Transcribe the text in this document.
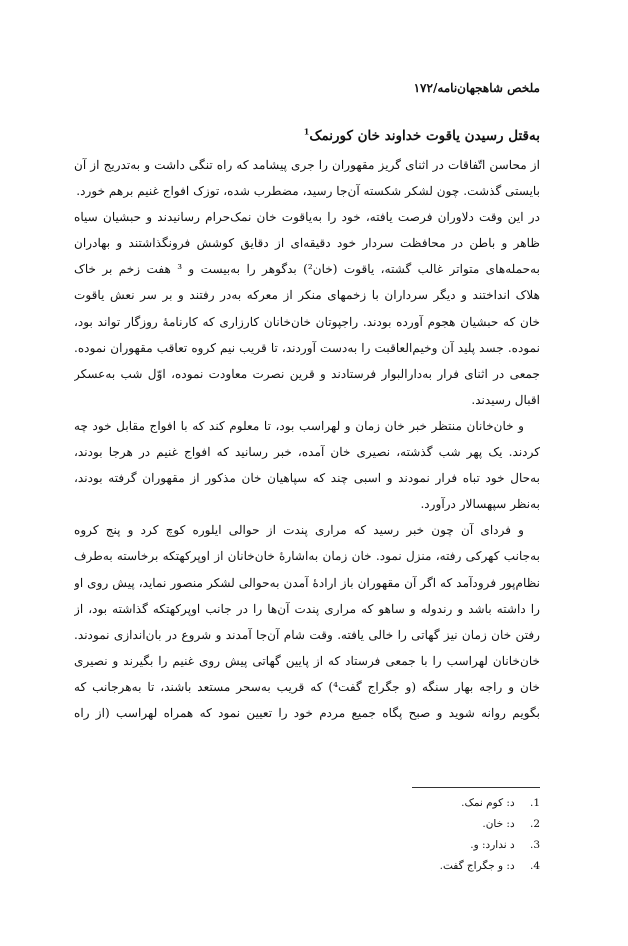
ملخص شاهجهان‌نامه/۱۷۲
به‌قتل رسیدن یاقوت خداوند خان کورنمک$^1$
از محاسن اتّفاقات در اثنای گریز مقهوران را جری پیشامد که راه تنگی داشت و به‌تدریج از آن
بایستی گذشت. چون لشکر شکسته آن‌جا رسید، مضطرب شده، توزک افواج غنیم برهم خورد.
در این وقت دلاوران فرصت یافته، خود را به‌یاقوت خان نمک‌حرام رسانیدند و حبشیان سیاه
ظاهر و باطن در محافظت سردار خود دقیقه‌ای از دقایق کوشش فرونگذاشتند و بهادران
به‌حمله‌های متواتر غالب گشته، یاقوت (خان²) بدگوهر را به‌بیست و ³ هفت زخم بر خاک
هلاک انداختند و دیگر سرداران با زخمهای منکر از معرکه به‌در رفتند و بر سر نعش یاقوت
خان که حبشیان هجوم آورده بودند. راجپوتان خان‌خانان کارزاری که کارنامهٔ روزگار تواند بود،
نموده. جسد پلید آن وخیم‌العاقبت را به‌دست آوردند، تا قریب نیم کروه تعاقب مقهوران نموده.
جمعی در اثنای فرار به‌دارالبوار فرستادند و قرین نصرت معاودت نموده، اوّل شب به‌عسکر
اقبال رسیدند.
و خان‌خانان منتظر خبر خان زمان و لهراسب بود، تا معلوم کند که با افواج مقابل خود چه
کردند. یک پهر شب گذشته، نصیری خان آمده، خبر رسانید که افواج غنیم در هرجا بودند،
به‌حال خود تباه فرار نمودند و اسبی چند که سپاهیان خان مذکور از مقهوران گرفته بودند،
به‌نظر سپهسالار درآورد.
و فردای آن چون خبر رسید که مراری پندت از حوالی ایلوره کوچ کرد و پنج کروه
به‌جانب کهرکی رفته، منزل نمود. خان زمان به‌اشارهٔ خان‌خانان از اوپرکهتکه برخاسته به‌طرف
نظام‌پور فرودآمد که اگر آن مقهوران باز ارادهٔ آمدن به‌حوالی لشکر منصور نماید، پیش روی او
را داشته باشد و رندوله و ساهو که مراری پندت آن‌ها را در جانب اوپرکهتکه گذاشته بود، از
رفتن خان زمان نیز گهاتی را خالی یافته. وقت شام آن‌جا آمدند و شروع در بان‌اندازی نمودند.
خان‌خانان لهراسب را با جمعی فرستاد که از پایین گهاتی پیش روی غنیم را بگیرند و نصیری
خان و راجه بهار سنگه (و جگراج گفت⁴) که قریب به‌سحر مستعد باشند، تا به‌هرجانب که
بگویم روانه شوید و صبح پگاه جمیع مردم خود را تعیین نمود که همراه لهراسب (از راه
1. د: کوم نمک.
2. د: خان.
3. د ندارد: و.
4. د: و جگراج گفت.
